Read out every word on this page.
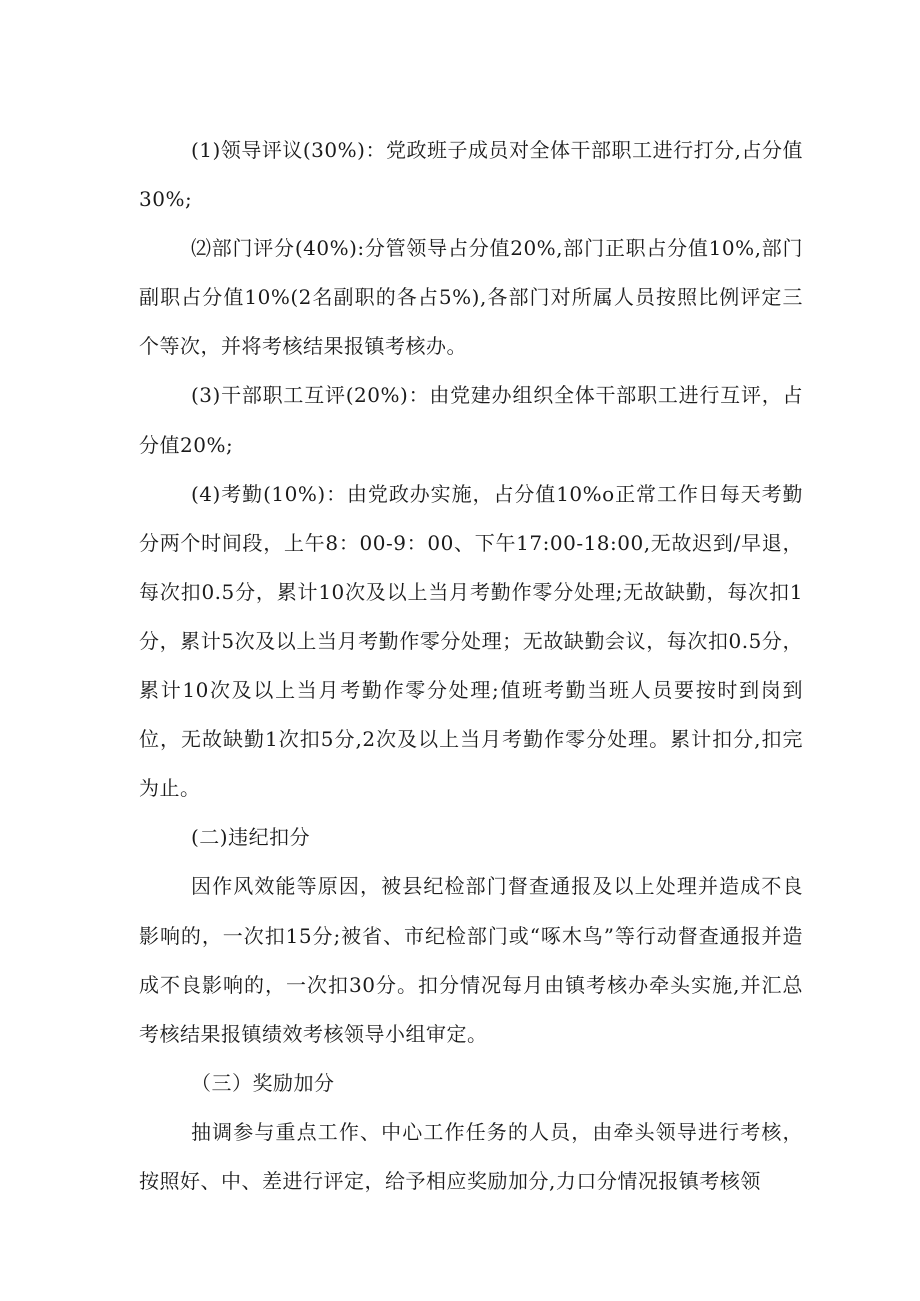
(1)领导评议(30%)：党政班子成员对全体干部职工进行打分,占分值30%;

⑵部门评分(40%):分管领导占分值20%,部门正职占分值10%,部门副职占分值10%(2名副职的各占5%),各部门对所属人员按照比例评定三个等次，并将考核结果报镇考核办。

(3)干部职工互评(20%)：由党建办组织全体干部职工进行互评，占分值20%;

(4)考勤(10%)：由党政办实施，占分值10%o正常工作日每天考勤分两个时间段，上午8：00-9：00、下午17:00-18:00,无故迟到/早退，每次扣0.5分，累计10次及以上当月考勤作零分处理;无故缺勤，每次扣1分，累计5次及以上当月考勤作零分处理；无故缺勤会议，每次扣0.5分，累计10次及以上当月考勤作零分处理;值班考勤当班人员要按时到岗到位，无故缺勤1次扣5分,2次及以上当月考勤作零分处理。累计扣分,扣完为止。

(二)违纪扣分

因作风效能等原因，被县纪检部门督查通报及以上处理并造成不良影响的，一次扣15分;被省、市纪检部门或“啄木鸟”等行动督查通报并造成不良影响的，一次扣30分。扣分情况每月由镇考核办牵头实施,并汇总考核结果报镇绩效考核领导小组审定。

（三）奖励加分

抽调参与重点工作、中心工作任务的人员，由牵头领导进行考核，按照好、中、差进行评定，给予相应奖励加分,力口分情况报镇考核领
